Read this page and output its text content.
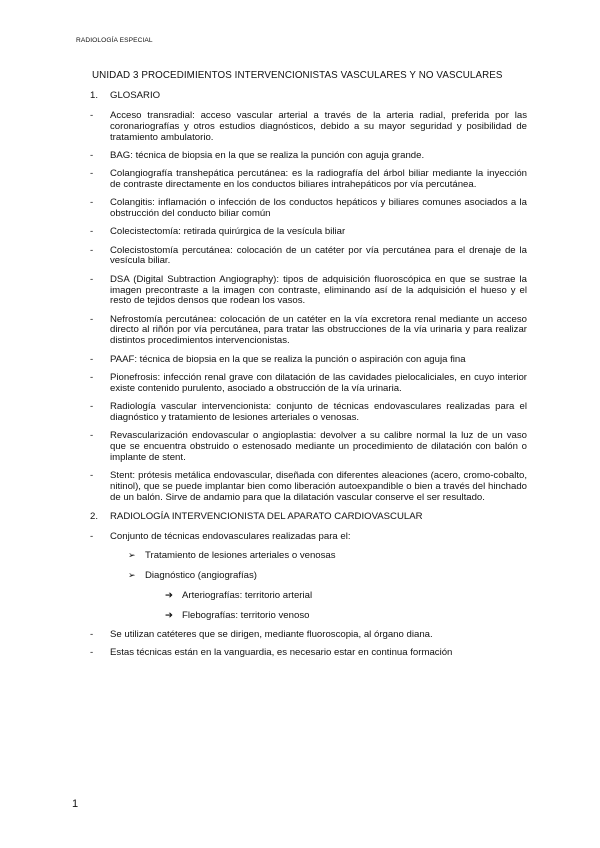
RADIOLOGÍA ESPECIAL
UNIDAD 3 PROCEDIMIENTOS INTERVENCIONISTAS VASCULARES Y NO VASCULARES
1. GLOSARIO
- Acceso transradial: acceso vascular arterial a través de la arteria radial, preferida por las coronariografías y otros estudios diagnósticos, debido a su mayor seguridad y posibilidad de tratamiento ambulatorio.
- BAG: técnica de biopsia en la que se realiza la punción con aguja grande.
- Colangiografía transhepática percutánea: es la radiografía del árbol biliar mediante la inyección de contraste directamente en los conductos biliares intrahepáticos por vía percutánea.
- Colangitis: inflamación o infección de los conductos hepáticos y biliares comunes asociados a la obstrucción del conducto biliar común
- Colecistectomía: retirada quirúrgica de la vesícula biliar
- Colecistostomía percutánea: colocación de un catéter por vía percutánea para el drenaje de la vesícula biliar.
- DSA (Digital Subtraction Angiography): tipos de adquisición fluoroscópica en que se sustrae la imagen precontraste a la imagen con contraste, eliminando así de la adquisición el hueso y el resto de tejidos densos que rodean los vasos.
- Nefrostomía percutánea: colocación de un catéter en la vía excretora renal mediante un acceso directo al riñón por vía percutánea, para tratar las obstrucciones de la vía urinaria y para realizar distintos procedimientos intervencionistas.
- PAAF: técnica de biopsia en la que se realiza la punción o aspiración con aguja fina
- Pionefrosis: infección renal grave con dilatación de las cavidades pielocaliciales, en cuyo interior existe contenido purulento, asociado a obstrucción de la vía urinaria.
- Radiología vascular intervencionista: conjunto de técnicas endovasculares realizadas para el diagnóstico y tratamiento de lesiones arteriales o venosas.
- Revascularización endovascular o angioplastia: devolver a su calibre normal la luz de un vaso que se encuentra obstruido o estenosado mediante un procedimiento de dilatación con balón o implante de stent.
- Stent: prótesis metálica endovascular, diseñada con diferentes aleaciones (acero, cromo-cobalto, nitinol), que se puede implantar bien como liberación autoexpandible o bien a través del hinchado de un balón. Sirve de andamio para que la dilatación vascular conserve el ser resultado.
2. RADIOLOGÍA INTERVENCIONISTA DEL APARATO CARDIOVASCULAR
- Conjunto de técnicas endovasculares realizadas para el:
➢ Tratamiento de lesiones arteriales o venosas
➢ Diagnóstico (angiografías)
➔ Arteriografías: territorio arterial
➔ Flebografías: territorio venoso
- Se utilizan catéteres que se dirigen, mediante fluoroscopia, al órgano diana.
- Estas técnicas están en la vanguardia, es necesario estar en continua formación
1
